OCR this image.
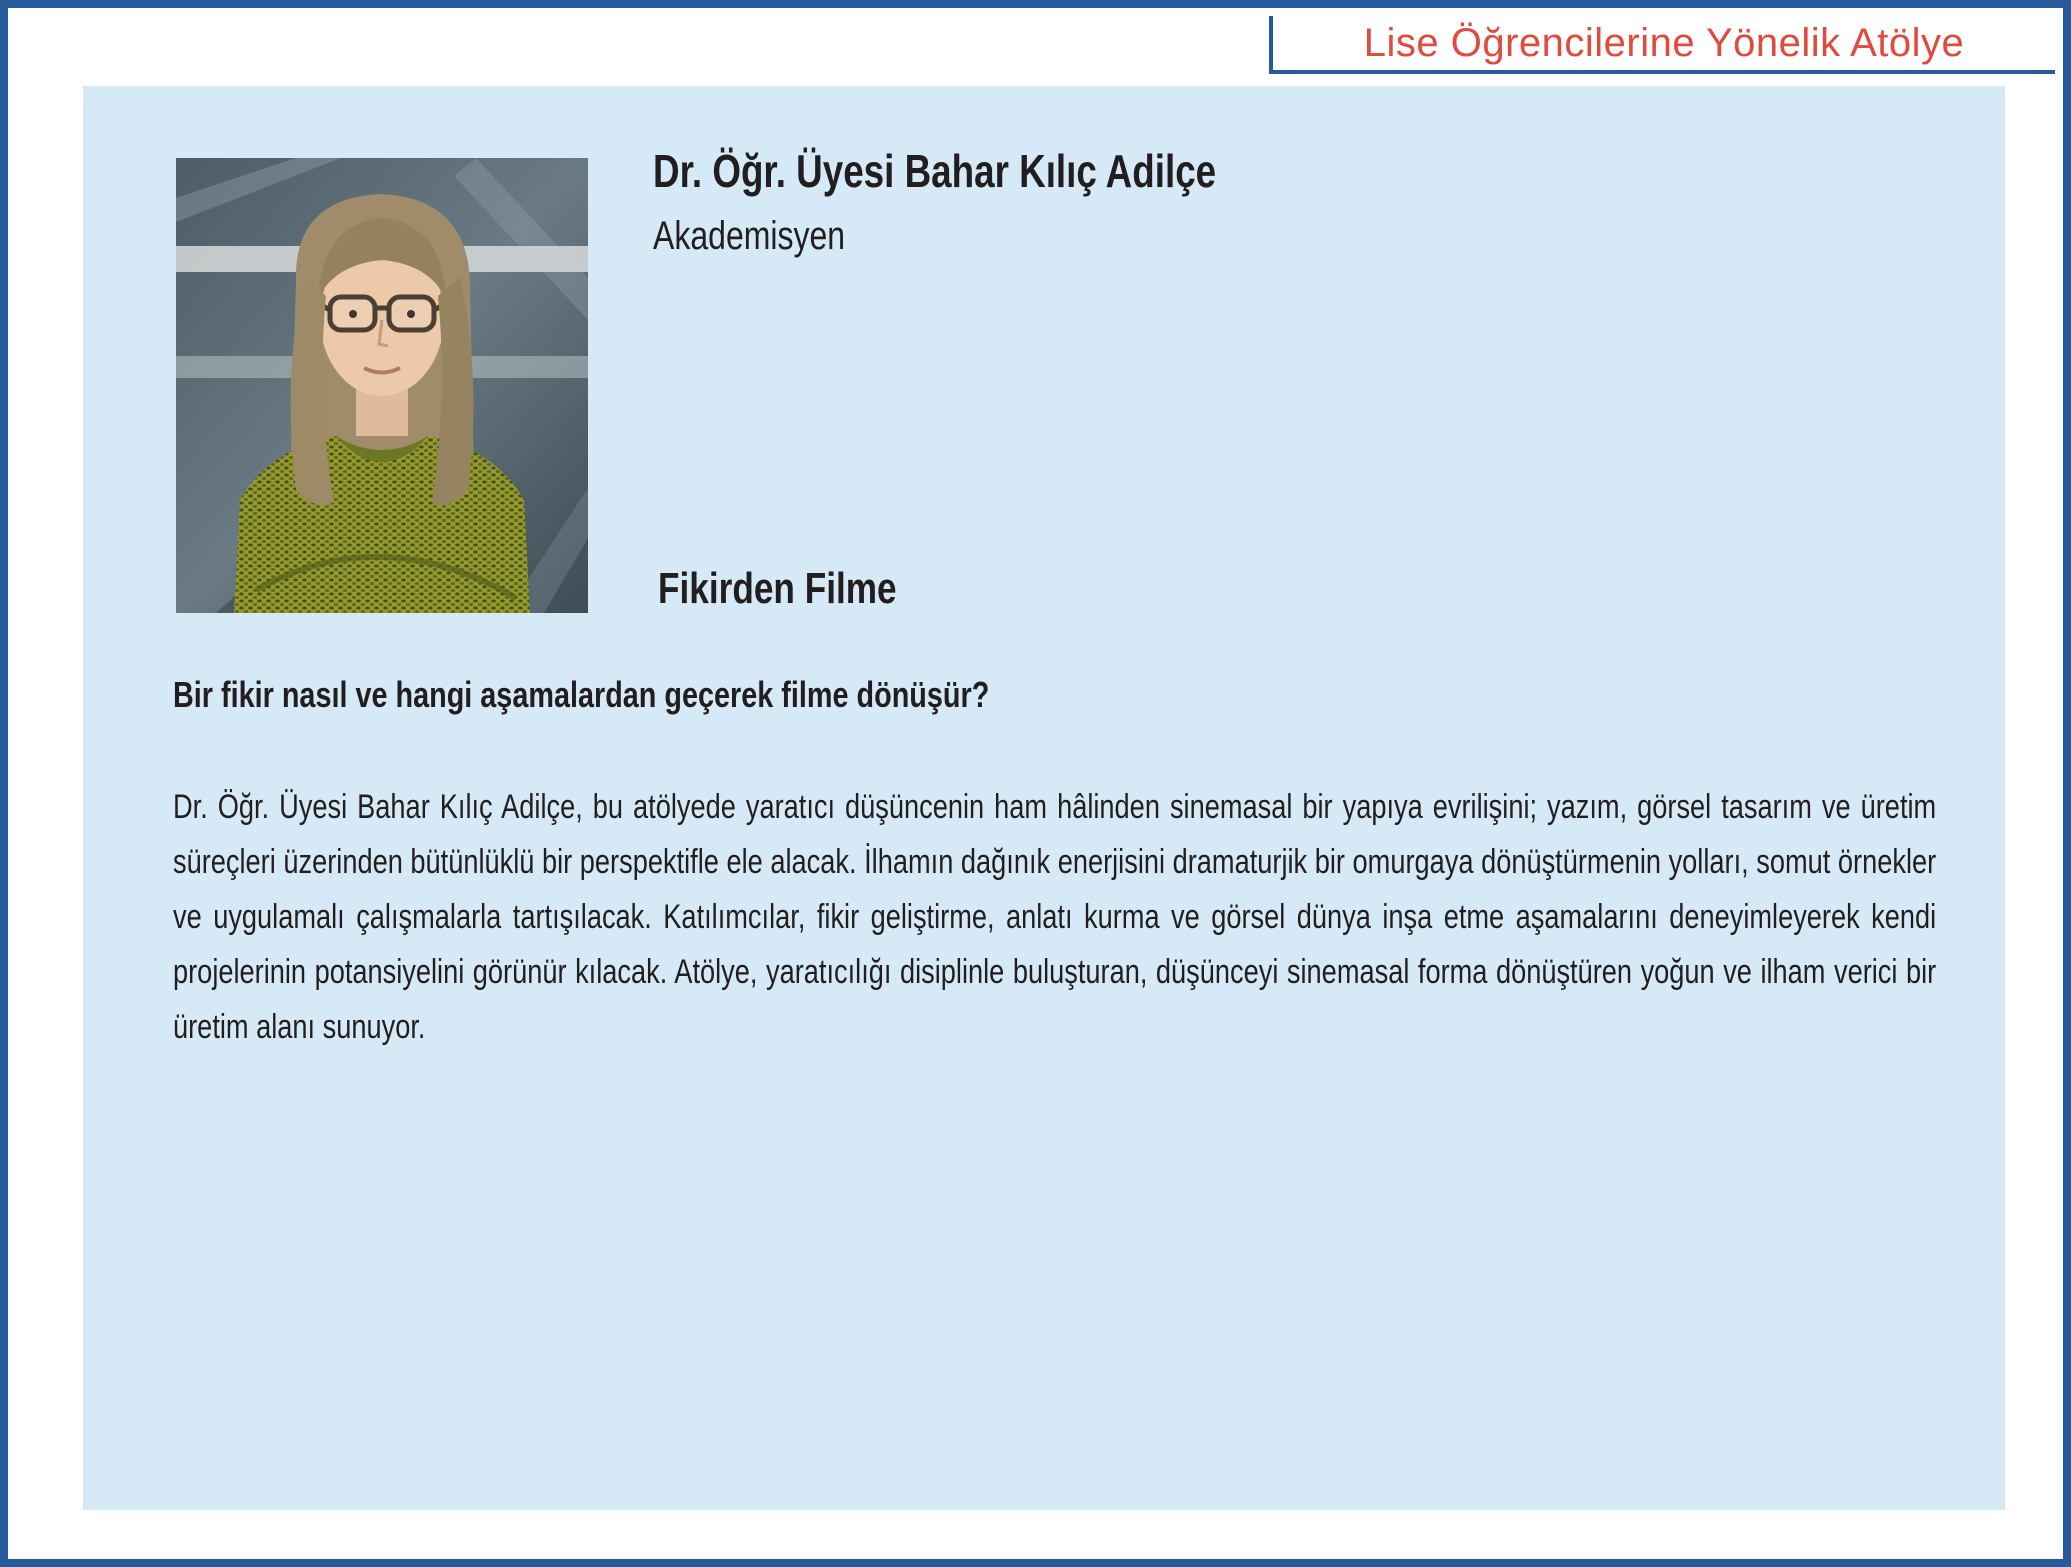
Lise Öğrencilerine Yönelik Atölye
Dr. Öğr. Üyesi Bahar Kılıç Adilçe
Akademisyen
Fikirden Filme
Bir fikir nasıl ve hangi aşamalardan geçerek filme dönüşür?

Dr. Öğr. Üyesi Bahar Kılıç Adilçe, bu atölyede yaratıcı düşüncenin ham hâlinden sinemasal bir yapıya evrilişini; yazım, görsel tasarım ve üretim süreçleri üzerinden bütünlüklü bir perspektifle ele alacak. İlhamın dağınık enerjisini dramaturjik bir omurgaya dönüştürmenin yolları, somut örnekler ve uygulamalı çalışmalarla tartışılacak. Katılımcılar, fikir geliştirme, anlatı kurma ve görsel dünya inşa etme aşamalarını deneyimleyerek kendi projelerinin potansiyelini görünür kılacak. Atölye, yaratıcılığı disiplinle buluşturan, düşünceyi sinemasal forma dönüştüren yoğun ve ilham verici bir üretim alanı sunuyor.
